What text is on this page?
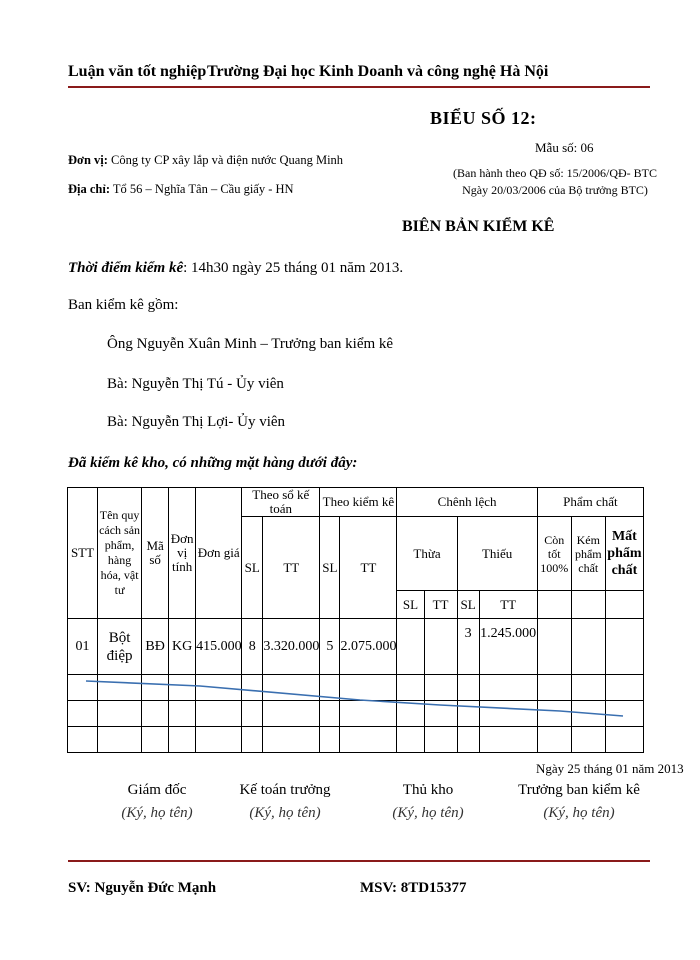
Luận văn tốt nghiệp Trường Đại học Kinh Doanh và công nghệ Hà Nội
BIỂU SỐ 12:
Mẫu số: 06
(Ban hành theo QĐ số: 15/2006/QĐ- BTC Ngày 20/03/2006 của Bộ trưởng BTC)
Đơn vị: Công ty CP xây lắp và điện nước Quang Minh
Địa chỉ: Tổ 56 – Nghĩa Tân – Cầu giấy - HN
BIÊN BẢN KIỂM KÊ
Thời điểm kiểm kê: 14h30 ngày 25 tháng 01 năm 2013.
Ban kiểm kê gồm:
Ông Nguyễn Xuân Minh – Trưởng ban kiểm kê
Bà: Nguyễn Thị Tú - Ủy viên
Bà: Nguyễn Thị Lợi- Ủy viên
Đã kiểm kê kho, có những mặt hàng dưới đây:
STT	Tên quy cách sản phẩm, hàng hóa, vật tư	Mã số	Đơn vị tính	Đơn giá	Theo sổ kế toán		Theo kiểm kê		Chênh lệch				Phẩm chất		
					SL	TT	SL	TT	Thừa		Thiếu		Còn tốt 100%	Kém phẩm chất	Mất phẩm chất

									SL	TT	SL	TT			
01	Bột điệp	BĐ	KG	415.000	8	3.320.000	5	2.075.000			3	1.245.000			

Ngày 25 tháng 01 năm 2013
Giám đốc
(Ký, họ tên)
Kế toán trưởng
(Ký, họ tên)
Thủ kho
(Ký, họ tên)
Trưởng ban kiểm kê
(Ký, họ tên)
SV: Nguyễn Đức Mạnh	MSV: 8TD15377
